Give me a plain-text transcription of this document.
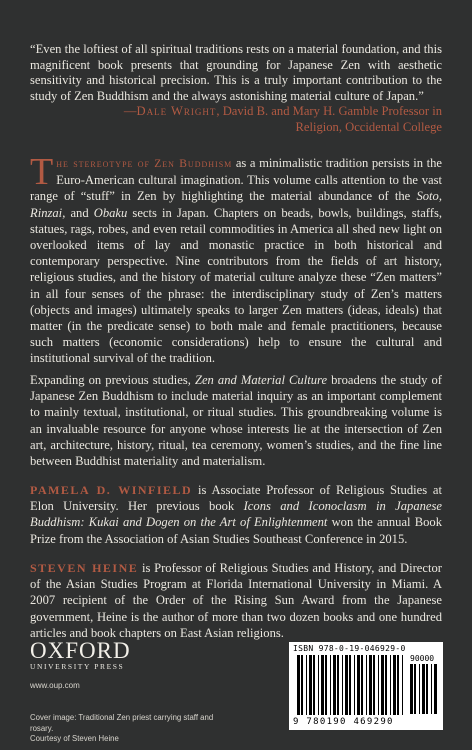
“Even the loftiest of all spiritual traditions rests on a material foundation, and this magnificent book presents that grounding for Japanese Zen with aesthetic sensitivity and historical precision. This is a truly important contribution to the study of Zen Buddhism and the always astonishing material culture of Japan.”
—Dale Wright, David B. and Mary H. Gamble Professor in Religion, Occidental College
The stereotype of Zen Buddhism as a minimalistic tradition persists in the Euro-American cultural imagination. This volume calls attention to the vast range of “stuff” in Zen by highlighting the material abundance of the Soto, Rinzai, and Obaku sects in Japan. Chapters on beads, bowls, buildings, staffs, statues, rags, robes, and even retail commodities in America all shed new light on overlooked items of lay and monastic practice in both historical and contemporary perspective. Nine contributors from the fields of art history, religious studies, and the history of material culture analyze these “Zen matters” in all four senses of the phrase: the interdisciplinary study of Zen’s matters (objects and images) ultimately speaks to larger Zen matters (ideas, ideals) that matter (in the predicate sense) to both male and female practitioners, because such matters (economic considerations) help to ensure the cultural and institutional survival of the tradition.
Expanding on previous studies, Zen and Material Culture broadens the study of Japanese Zen Buddhism to include material inquiry as an important complement to mainly textual, institutional, or ritual studies. This groundbreaking volume is an invaluable resource for anyone whose interests lie at the intersection of Zen art, architecture, history, ritual, tea ceremony, women’s studies, and the fine line between Buddhist materiality and materialism.
PAMELA D. WINFIELD is Associate Professor of Religious Studies at Elon University. Her previous book Icons and Iconoclasm in Japanese Buddhism: Kukai and Dogen on the Art of Enlightenment won the annual Book Prize from the Association of Asian Studies Southeast Conference in 2015.
STEVEN HEINE is Professor of Religious Studies and History, and Director of the Asian Studies Program at Florida International University in Miami. A 2007 recipient of the Order of the Rising Sun Award from the Japanese government, Heine is the author of more than two dozen books and one hundred articles and book chapters on East Asian religions.
OXFORD
UNIVERSITY PRESS
www.oup.com
Cover image: Traditional Zen priest carrying staff and rosary.
Courtesy of Steven Heine
ISBN 978-0-19-046929-0
90000
9 780190 469290
